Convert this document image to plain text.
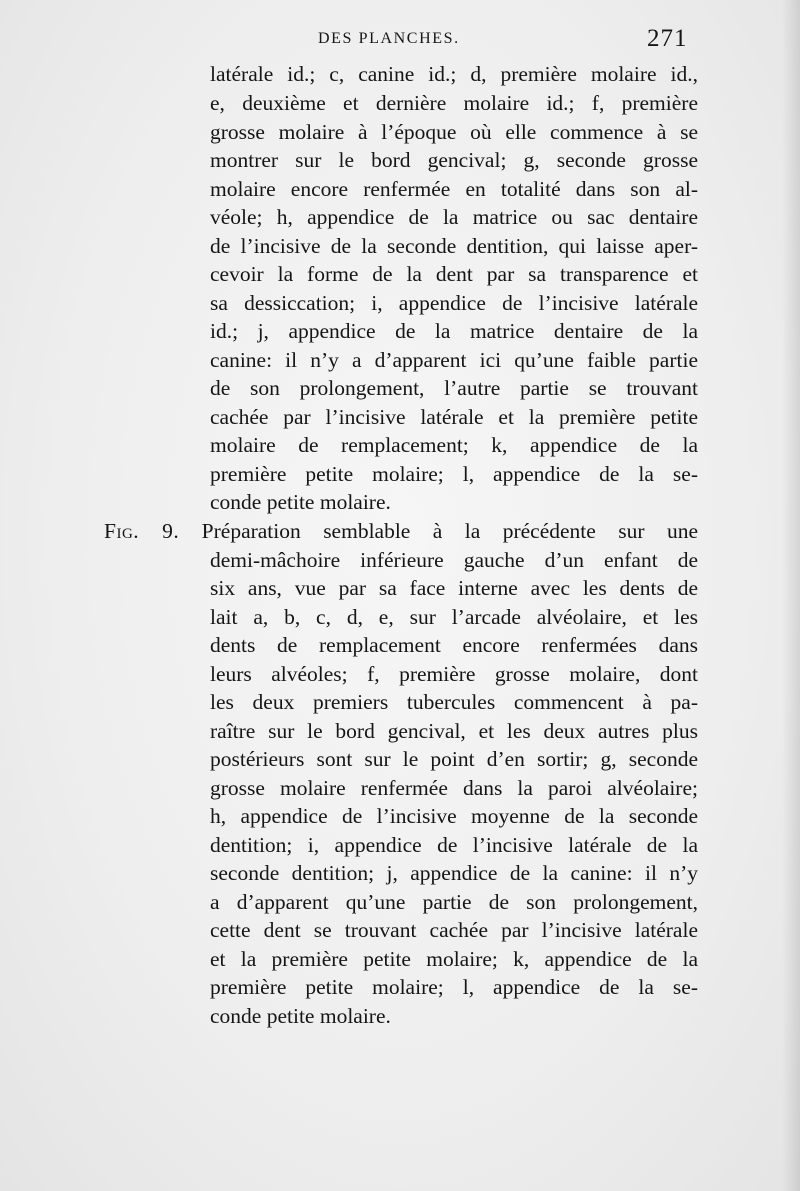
DES PLANCHES.	271
latérale id.; c, canine id.; d, première molaire id.,
e, deuxième et dernière molaire id.; f, première
grosse molaire à l’époque où elle commence à se
montrer sur le bord gencival; g, seconde grosse
molaire encore renfermée en totalité dans son al-
véole; h, appendice de la matrice ou sac dentaire
de l’incisive de la seconde dentition, qui laisse aper-
cevoir la forme de la dent par sa transparence et
sa dessiccation; i, appendice de l’incisive latérale
id.; j, appendice de la matrice dentaire de la
canine: il n’y a d’apparent ici qu’une faible partie
de son prolongement, l’autre partie se trouvant
cachée par l’incisive latérale et la première petite
molaire de remplacement; k, appendice de la
première petite molaire; l, appendice de la se-
conde petite molaire.
Fig. 9. Préparation semblable à la précédente sur une
demi-mâchoire inférieure gauche d’un enfant de
six ans, vue par sa face interne avec les dents de
lait a, b, c, d, e, sur l’arcade alvéolaire, et les
dents de remplacement encore renfermées dans
leurs alvéoles; f, première grosse molaire, dont
les deux premiers tubercules commencent à pa-
raître sur le bord gencival, et les deux autres plus
postérieurs sont sur le point d’en sortir; g, seconde
grosse molaire renfermée dans la paroi alvéolaire;
h, appendice de l’incisive moyenne de la seconde
dentition; i, appendice de l’incisive latérale de la
seconde dentition; j, appendice de la canine: il n’y
a d’apparent qu’une partie de son prolongement,
cette dent se trouvant cachée par l’incisive latérale
et la première petite molaire; k, appendice de la
première petite molaire; l, appendice de la se-
conde petite molaire.
